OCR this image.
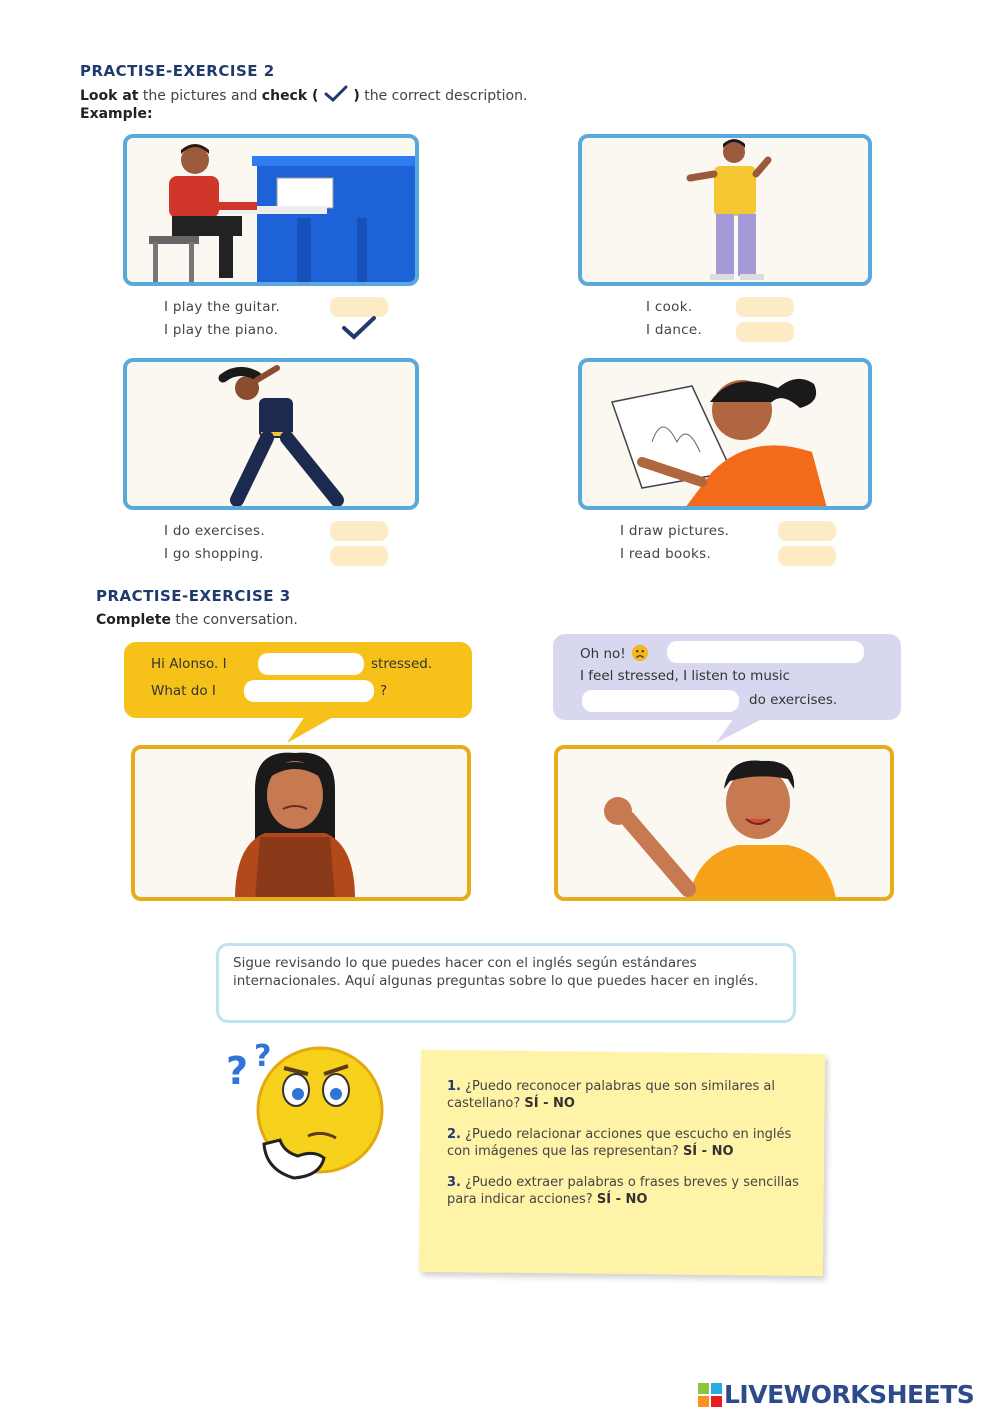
PRACTISE-EXERCISE 2
Look at the pictures and check ( ) the correct description.
Example:
I play the guitar.
I play the piano.
I cook.
I dance.
I do exercises.
I go shopping.
I draw pictures.
I read books.
PRACTISE-EXERCISE 3
Complete the conversation.
Hi Alonso. I	stressed.
What do I	?
Oh no!
I feel stressed, I listen to music
do exercises.
Sigue revisando lo que puedes hacer con el inglés según estándares internacionales. Aquí algunas preguntas sobre lo que puedes hacer en inglés.
? ?
1. ¿Puedo reconocer palabras que son similares al castellano? SÍ - NO
2. ¿Puedo relacionar acciones que escucho en inglés con imágenes que las representan? SÍ - NO
3. ¿Puedo extraer palabras o frases breves y sencillas para indicar acciones? SÍ - NO
LIVEWORKSHEETS
